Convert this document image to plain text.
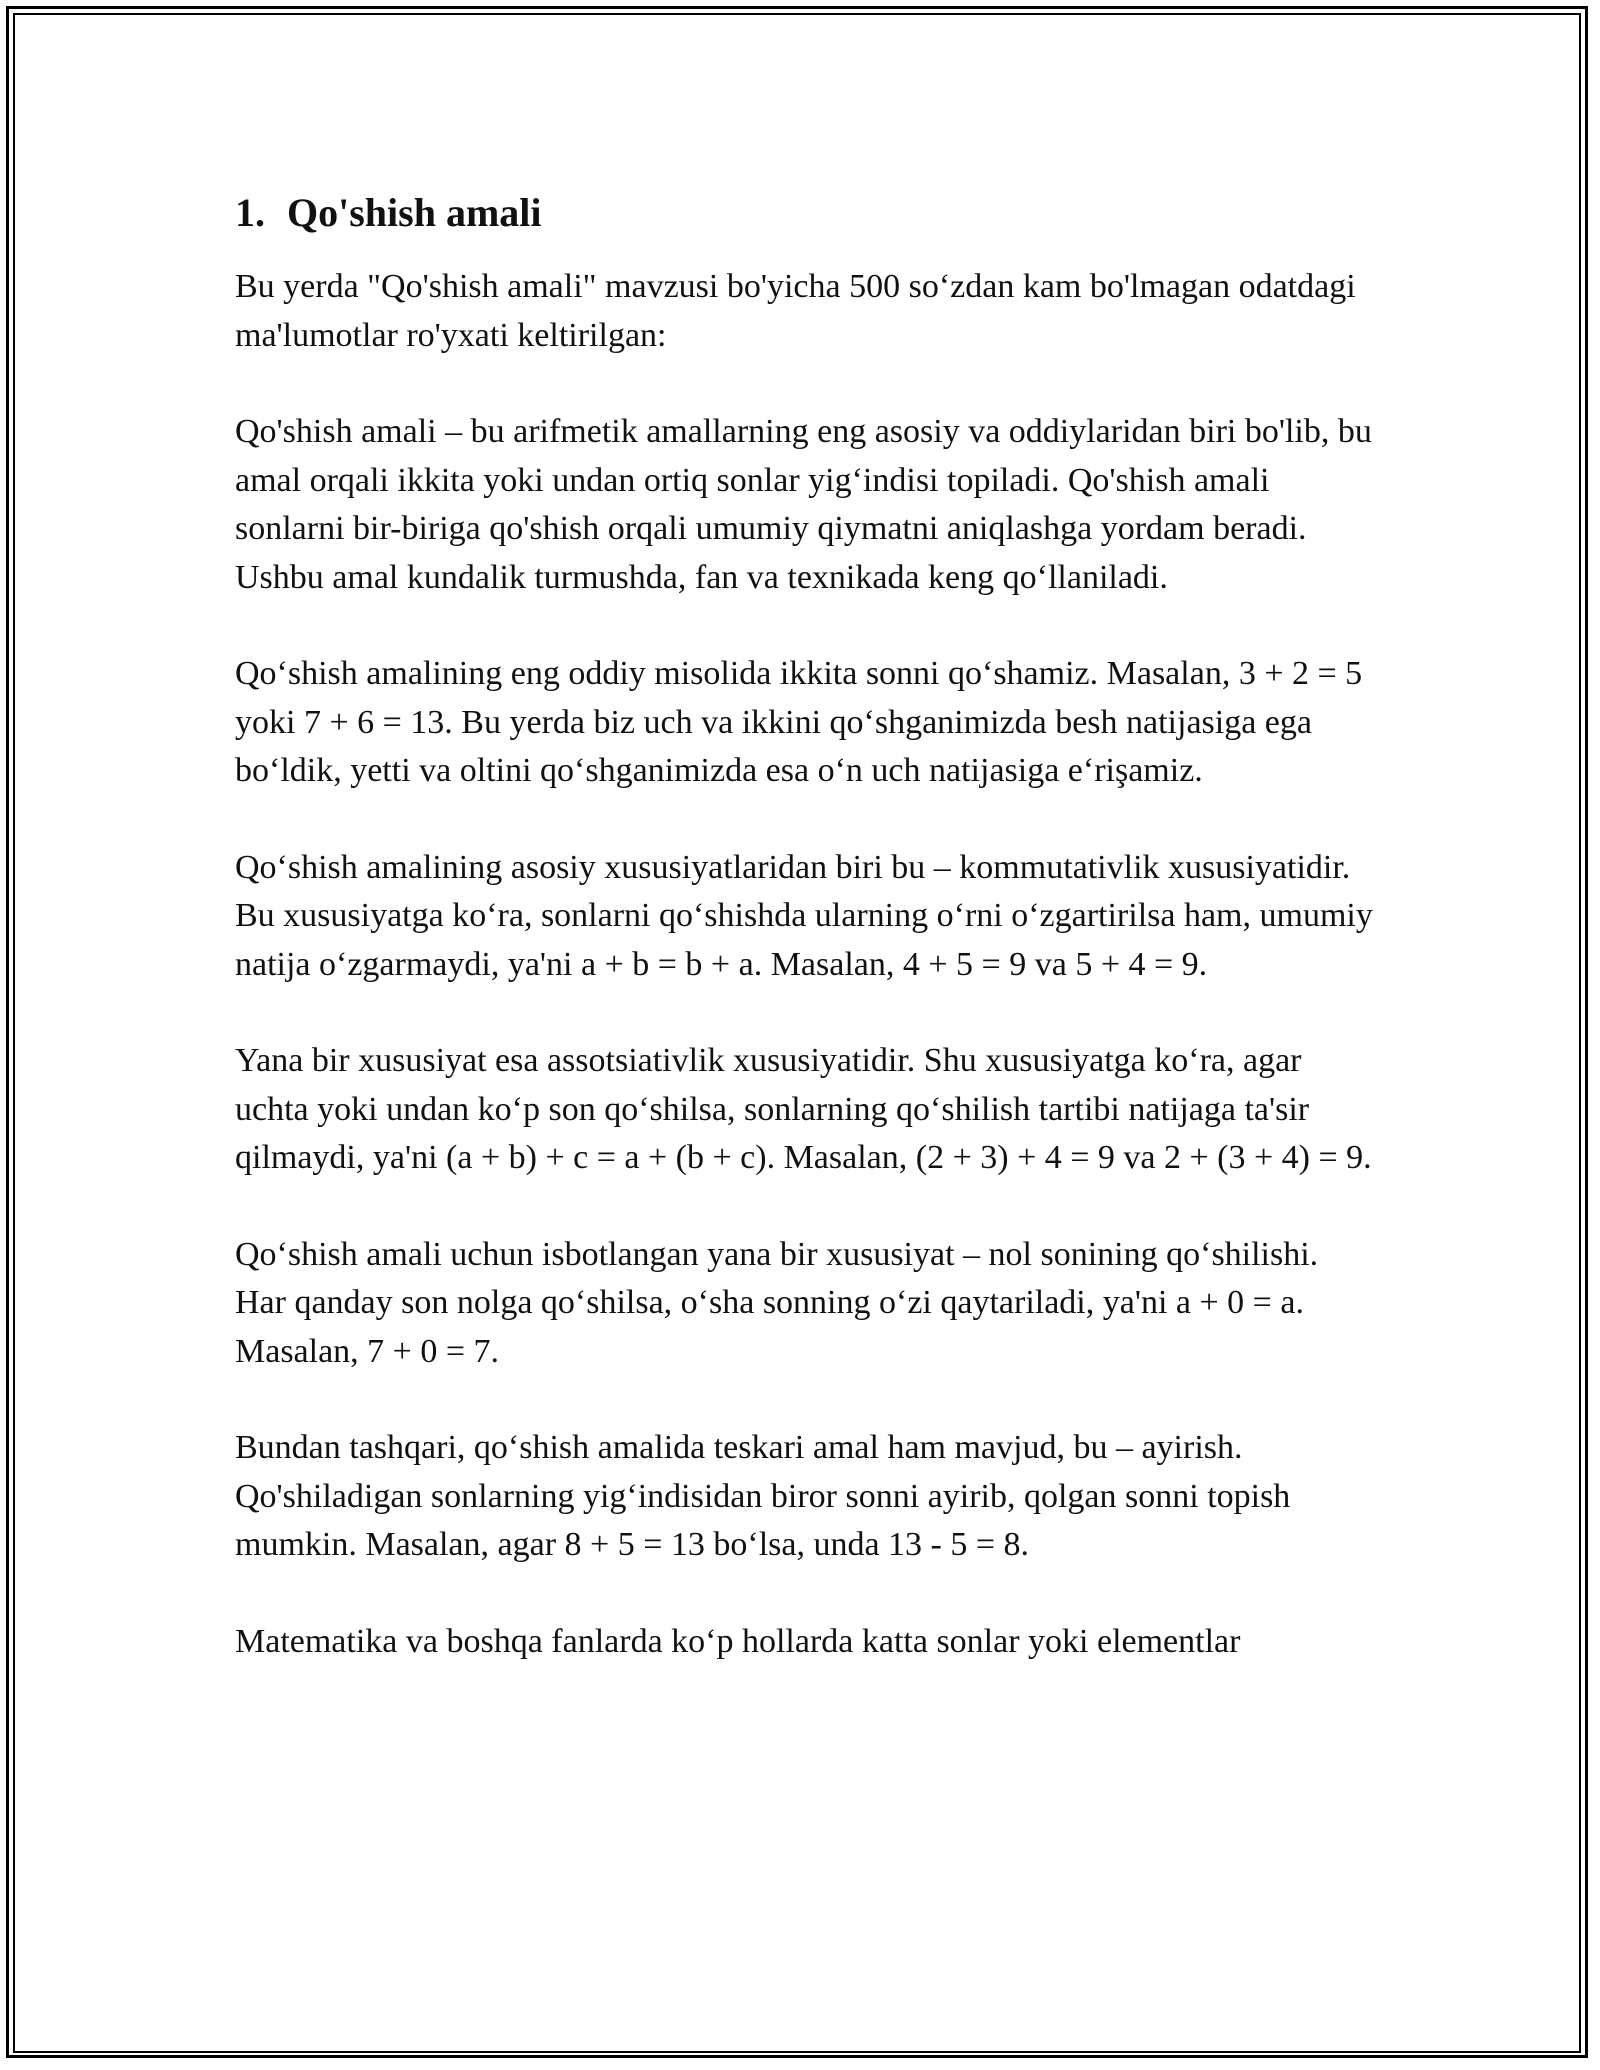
1. Qo'shish amali

Bu yerda "Qo'shish amali" mavzusi bo'yicha 500 so‘zdan kam bo'lmagan odatdagi ma'lumotlar ro'yxati keltirilgan:

Qo'shish amali – bu arifmetik amallarning eng asosiy va oddiylaridan biri bo'lib, bu amal orqali ikkita yoki undan ortiq sonlar yig‘indisi topiladi. Qo'shish amali sonlarni bir-biriga qo'shish orqali umumiy qiymatni aniqlashga yordam beradi. Ushbu amal kundalik turmushda, fan va texnikada keng qo‘llaniladi.

Qo‘shish amalining eng oddiy misolida ikkita sonni qo‘shamiz. Masalan, 3 + 2 = 5 yoki 7 + 6 = 13. Bu yerda biz uch va ikkini qo‘shganimizda besh natijasiga ega bo‘ldik, yetti va oltini qo‘shganimizda esa o‘n uch natijasiga e‘rişamiz.

Qo‘shish amalining asosiy xususiyatlaridan biri bu – kommutativlik xususiyatidir. Bu xususiyatga ko‘ra, sonlarni qo‘shishda ularning o‘rni o‘zgartirilsa ham, umumiy natija o‘zgarmaydi, ya'ni a + b = b + a. Masalan, 4 + 5 = 9 va 5 + 4 = 9.

Yana bir xususiyat esa assotsiativlik xususiyatidir. Shu xususiyatga ko‘ra, agar uchta yoki undan ko‘p son qo‘shilsa, sonlarning qo‘shilish tartibi natijaga ta'sir qilmaydi, ya'ni (a + b) + c = a + (b + c). Masalan, (2 + 3) + 4 = 9 va 2 + (3 + 4) = 9.

Qo‘shish amali uchun isbotlangan yana bir xususiyat – nol sonining qo‘shilishi. Har qanday son nolga qo‘shilsa, o‘sha sonning o‘zi qaytariladi, ya'ni a + 0 = a. Masalan, 7 + 0 = 7.

Bundan tashqari, qo‘shish amalida teskari amal ham mavjud, bu – ayirish. Qo'shiladigan sonlarning yig‘indisidan biror sonni ayirib, qolgan sonni topish mumkin. Masalan, agar 8 + 5 = 13 bo‘lsa, unda 13 - 5 = 8.

Matematika va boshqa fanlarda ko‘p hollarda katta sonlar yoki elementlar
